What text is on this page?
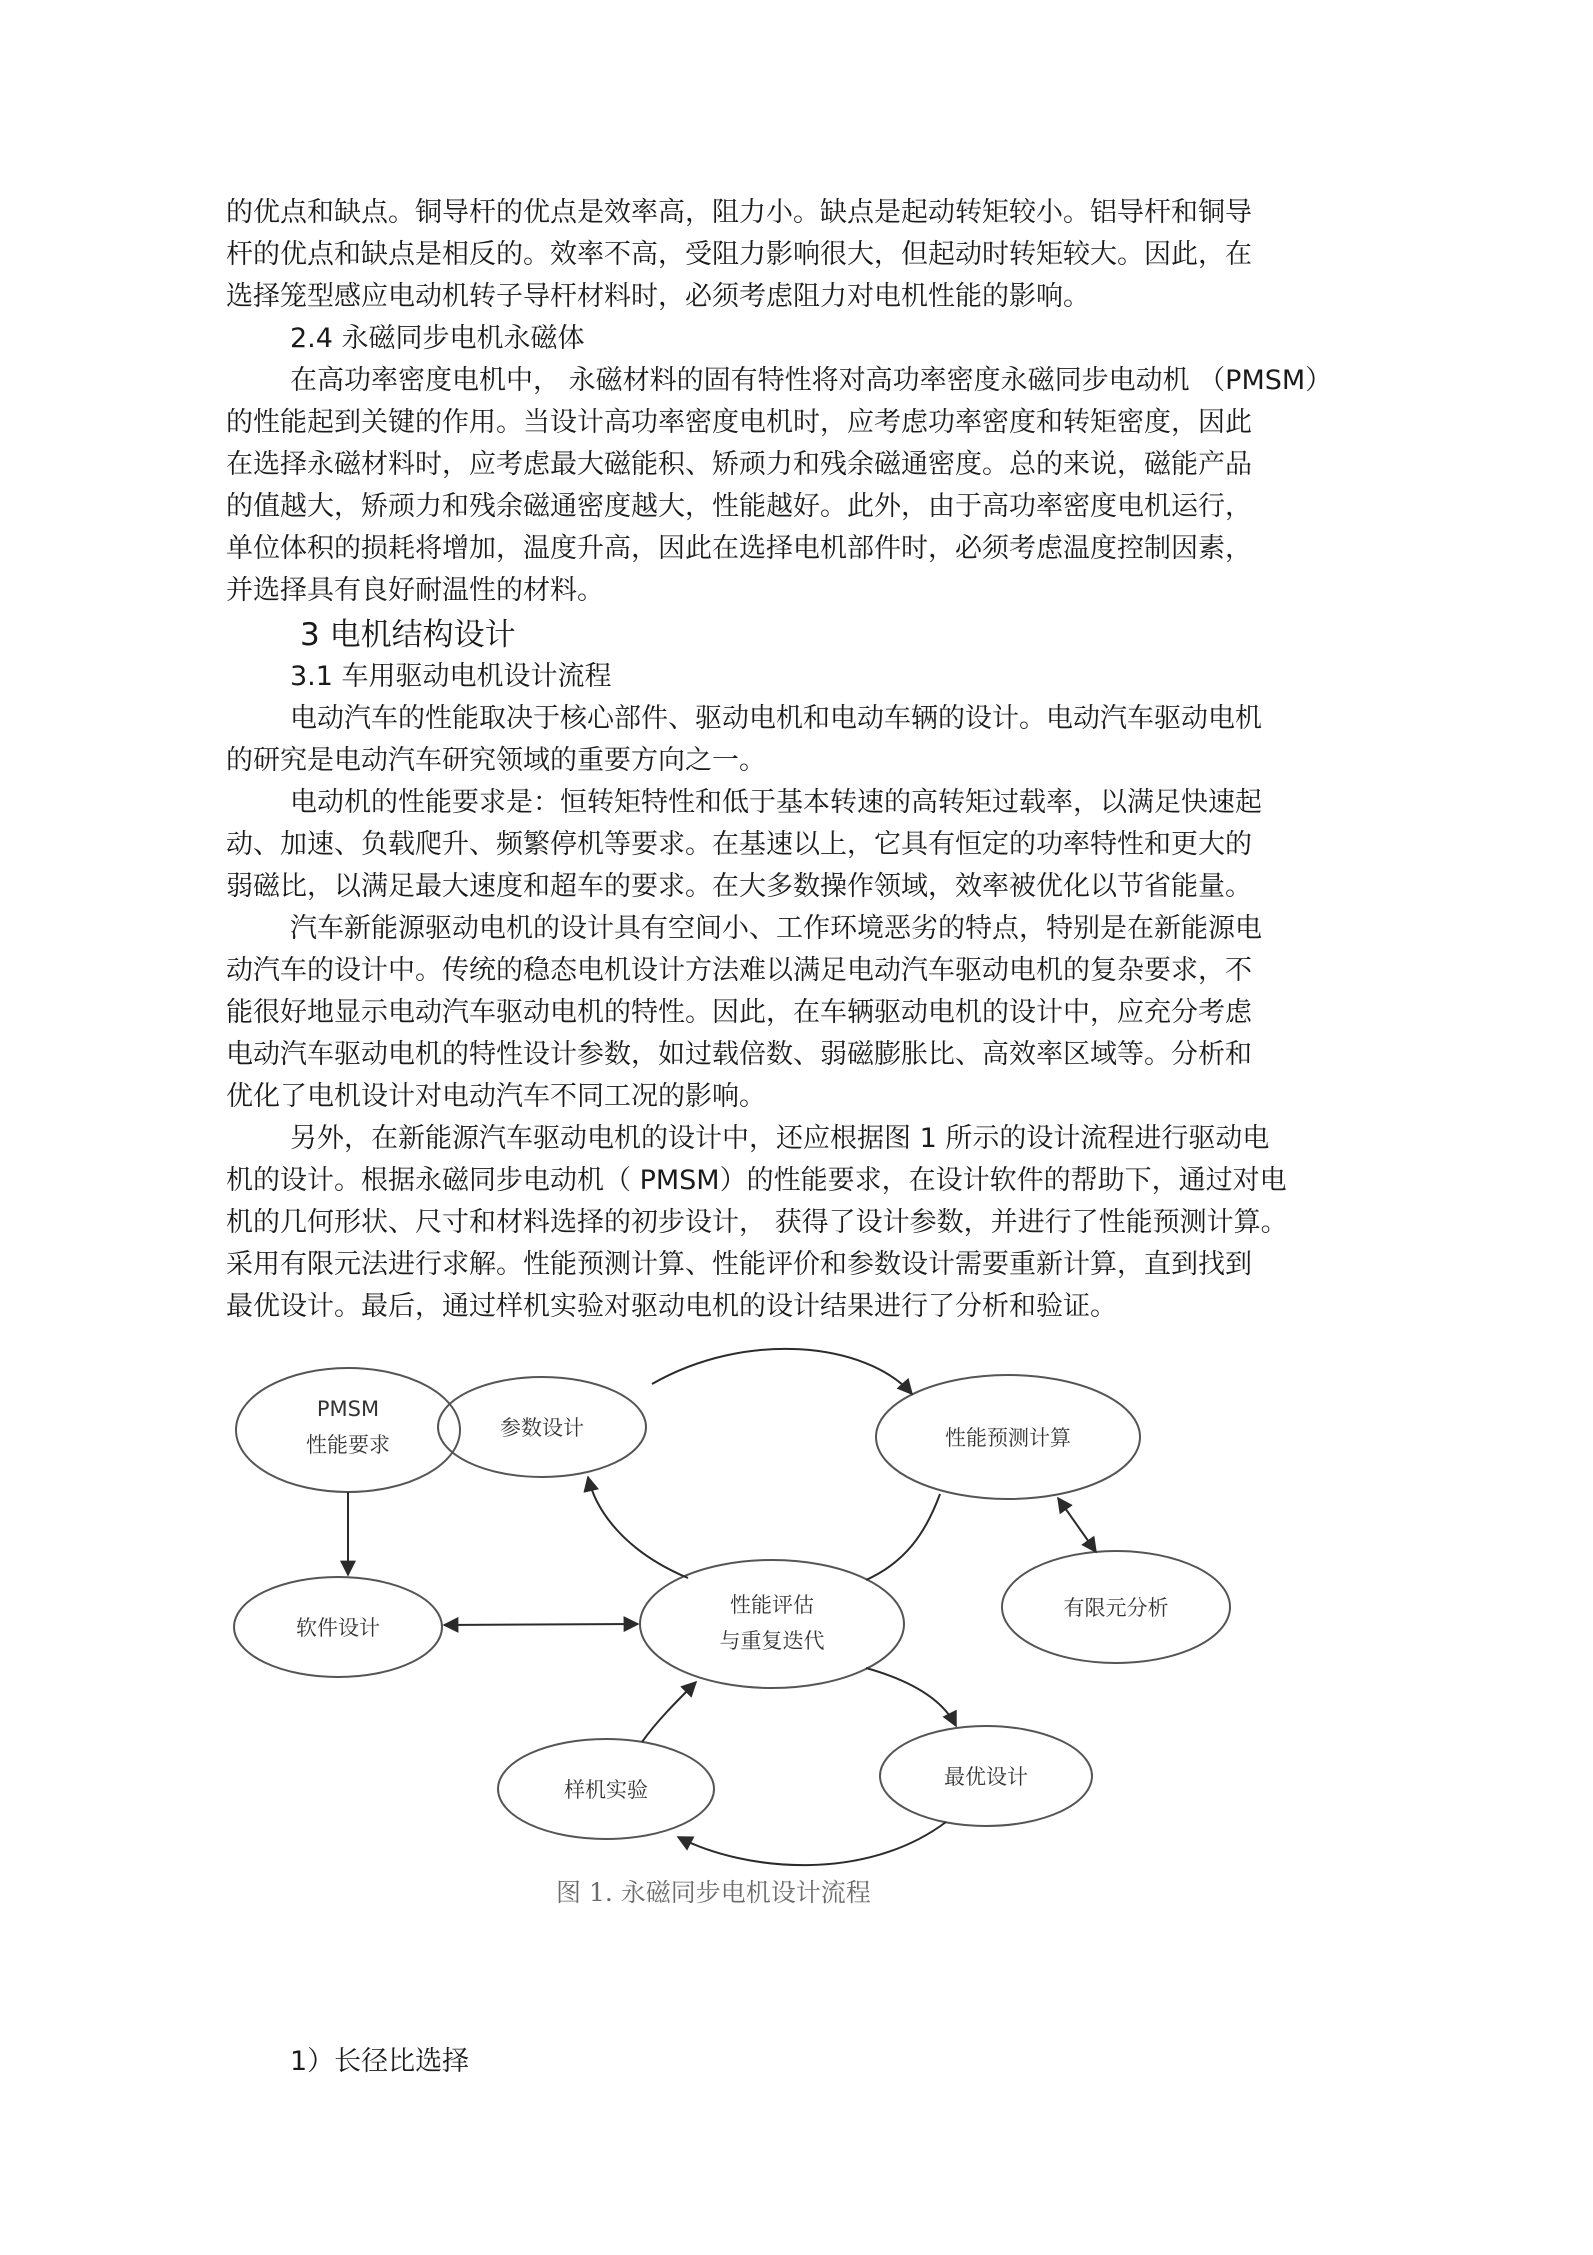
的优点和缺点。铜导杆的优点是效率高，阻力小。缺点是起动转矩较小。铝导杆和铜导
杆的优点和缺点是相反的。效率不高，受阻力影响很大，但起动时转矩较大。因此，在
选择笼型感应电动机转子导杆材料时，必须考虑阻力对电机性能的影响。
2.4 永磁同步电机永磁体
在高功率密度电机中， 永磁材料的固有特性将对高功率密度永磁同步电动机 （PMSM）
的性能起到关键的作用。当设计高功率密度电机时，应考虑功率密度和转矩密度，因此
在选择永磁材料时，应考虑最大磁能积、矫顽力和残余磁通密度。总的来说，磁能产品
的值越大，矫顽力和残余磁通密度越大，性能越好。此外，由于高功率密度电机运行，
单位体积的损耗将增加，温度升高，因此在选择电机部件时，必须考虑温度控制因素，
并选择具有良好耐温性的材料。
3 电机结构设计
3.1 车用驱动电机设计流程
电动汽车的性能取决于核心部件、驱动电机和电动车辆的设计。电动汽车驱动电机
的研究是电动汽车研究领域的重要方向之一。
电动机的性能要求是：恒转矩特性和低于基本转速的高转矩过载率，以满足快速起
动、加速、负载爬升、频繁停机等要求。在基速以上，它具有恒定的功率特性和更大的
弱磁比，以满足最大速度和超车的要求。在大多数操作领域，效率被优化以节省能量。
汽车新能源驱动电机的设计具有空间小、工作环境恶劣的特点，特别是在新能源电
动汽车的设计中。传统的稳态电机设计方法难以满足电动汽车驱动电机的复杂要求，不
能很好地显示电动汽车驱动电机的特性。因此，在车辆驱动电机的设计中，应充分考虑
电动汽车驱动电机的特性设计参数，如过载倍数、弱磁膨胀比、高效率区域等。分析和
优化了电机设计对电动汽车不同工况的影响。
另外，在新能源汽车驱动电机的设计中，还应根据图 1 所示的设计流程进行驱动电
机的设计。根据永磁同步电动机（ PMSM）的性能要求，在设计软件的帮助下，通过对电
机的几何形状、尺寸和材料选择的初步设计， 获得了设计参数，并进行了性能预测计算。
采用有限元法进行求解。性能预测计算、性能评价和参数设计需要重新计算，直到找到
最优设计。最后，通过样机实验对驱动电机的设计结果进行了分析和验证。
PMSM
性能要求
参数设计	性能预测计算
软件设计
性能评估
与重复迭代
有限元分析
样机实验
最优设计
图 1. 永磁同步电机设计流程
1）长径比选择
